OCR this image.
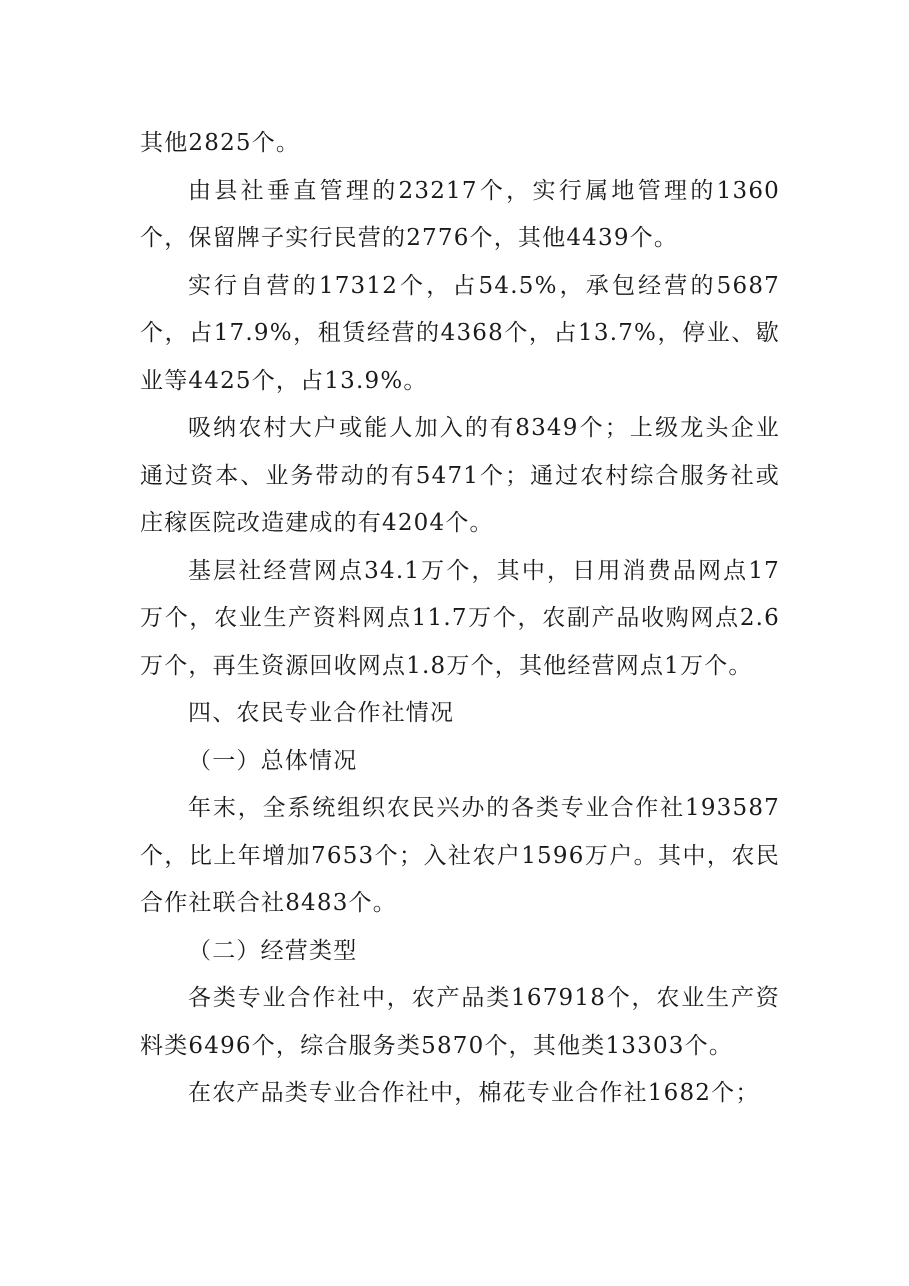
其他2825个。

由县社垂直管理的23217个，实行属地管理的1360个，保留牌子实行民营的2776个，其他4439个。

实行自营的17312个，占54.5%，承包经营的5687个，占17.9%，租赁经营的4368个，占13.7%，停业、歇业等4425个，占13.9%。

吸纳农村大户或能人加入的有8349个；上级龙头企业通过资本、业务带动的有5471个；通过农村综合服务社或庄稼医院改造建成的有4204个。

基层社经营网点34.1万个，其中，日用消费品网点17万个，农业生产资料网点11.7万个，农副产品收购网点2.6万个，再生资源回收网点1.8万个，其他经营网点1万个。

四、农民专业合作社情况

（一）总体情况

年末，全系统组织农民兴办的各类专业合作社193587个，比上年增加7653个；入社农户1596万户。其中，农民合作社联合社8483个。

（二）经营类型

各类专业合作社中，农产品类167918个，农业生产资料类6496个，综合服务类5870个，其他类13303个。

在农产品类专业合作社中，棉花专业合作社1682个；
